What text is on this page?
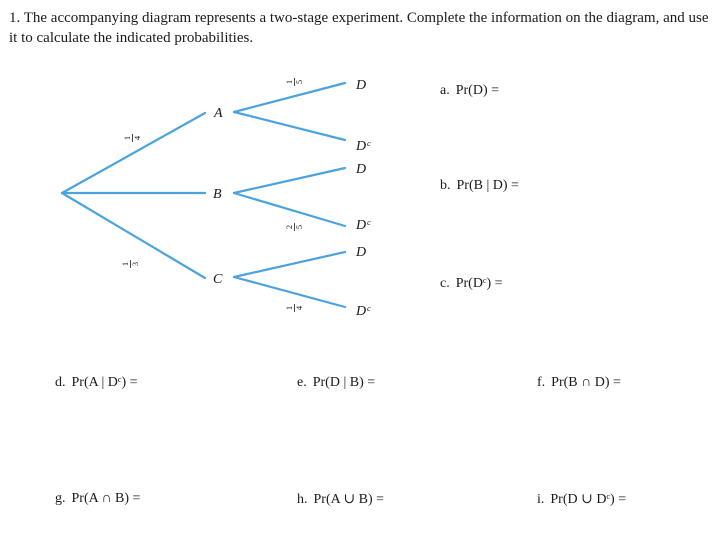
1. The accompanying diagram represents a two-stage experiment. Complete the information on the diagram, and use it to calculate the indicated probabilities.

A
B
C
D
Dᶜ
D
Dᶜ
D
Dᶜ
1 4
1 3
1 5
2 5
1 4
a. Pr(D) =
b. Pr(B | D) =
c. Pr(Dᶜ) =
d. Pr(A | Dᶜ) =	e. Pr(D | B) =	f. Pr(B ∩ D) =
g. Pr(A ∩ B) =	h. Pr(A ∪ B) =	i. Pr(D ∪ Dᶜ) =
